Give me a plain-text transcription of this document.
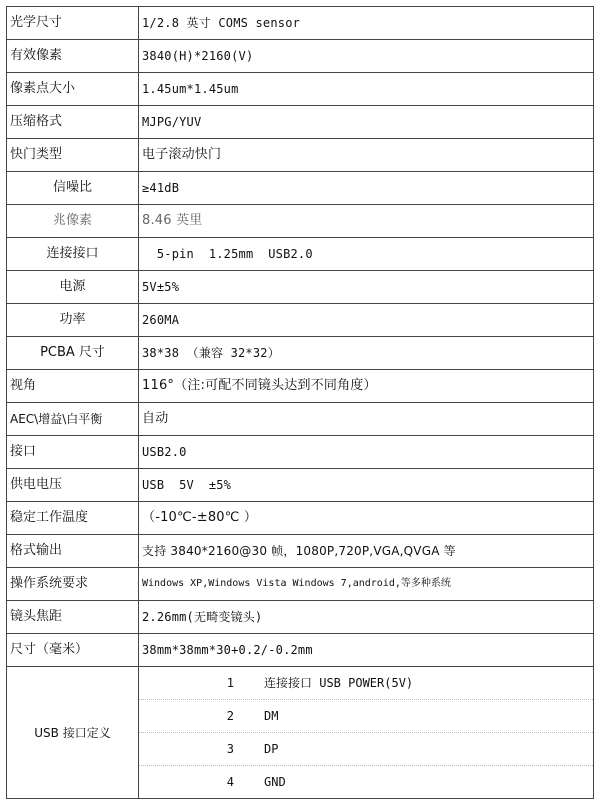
光学尺寸	1/2.8 英寸 COMS sensor
有效像素	3840(H)*2160(V)
像素点大小	1.45um*1.45um
压缩格式	MJPG/YUV
快门类型	电子滚动快门
信噪比	≥41dB
兆像素	8.46 英里
连接接口	5-pin  1.25mm  USB2.0
电源	5V±5%
功率	260MA
PCBA 尺寸	38*38 （兼容 32*32）
视角	116°（注:可配不同镜头达到不同角度）
AEC\增益\白平衡	自动
接口	USB2.0
供电电压	USB  5V  ±5%
稳定工作温度	（-10℃-±80℃ ）
格式输出	支持 3840*2160@30 帧，1080P,720P,VGA,QVGA 等
操作系统要求	Windows XP,Windows Vista Windows 7,android,等多种系统
镜头焦距	2.26mm(无畸变镜头)
尺寸（毫米）	38mm*38mm*30+0.2/-0.2mm
USB 接口定义	
1	连接接口 USB POWER(5V)
2	DM
3	DP
4	GND
